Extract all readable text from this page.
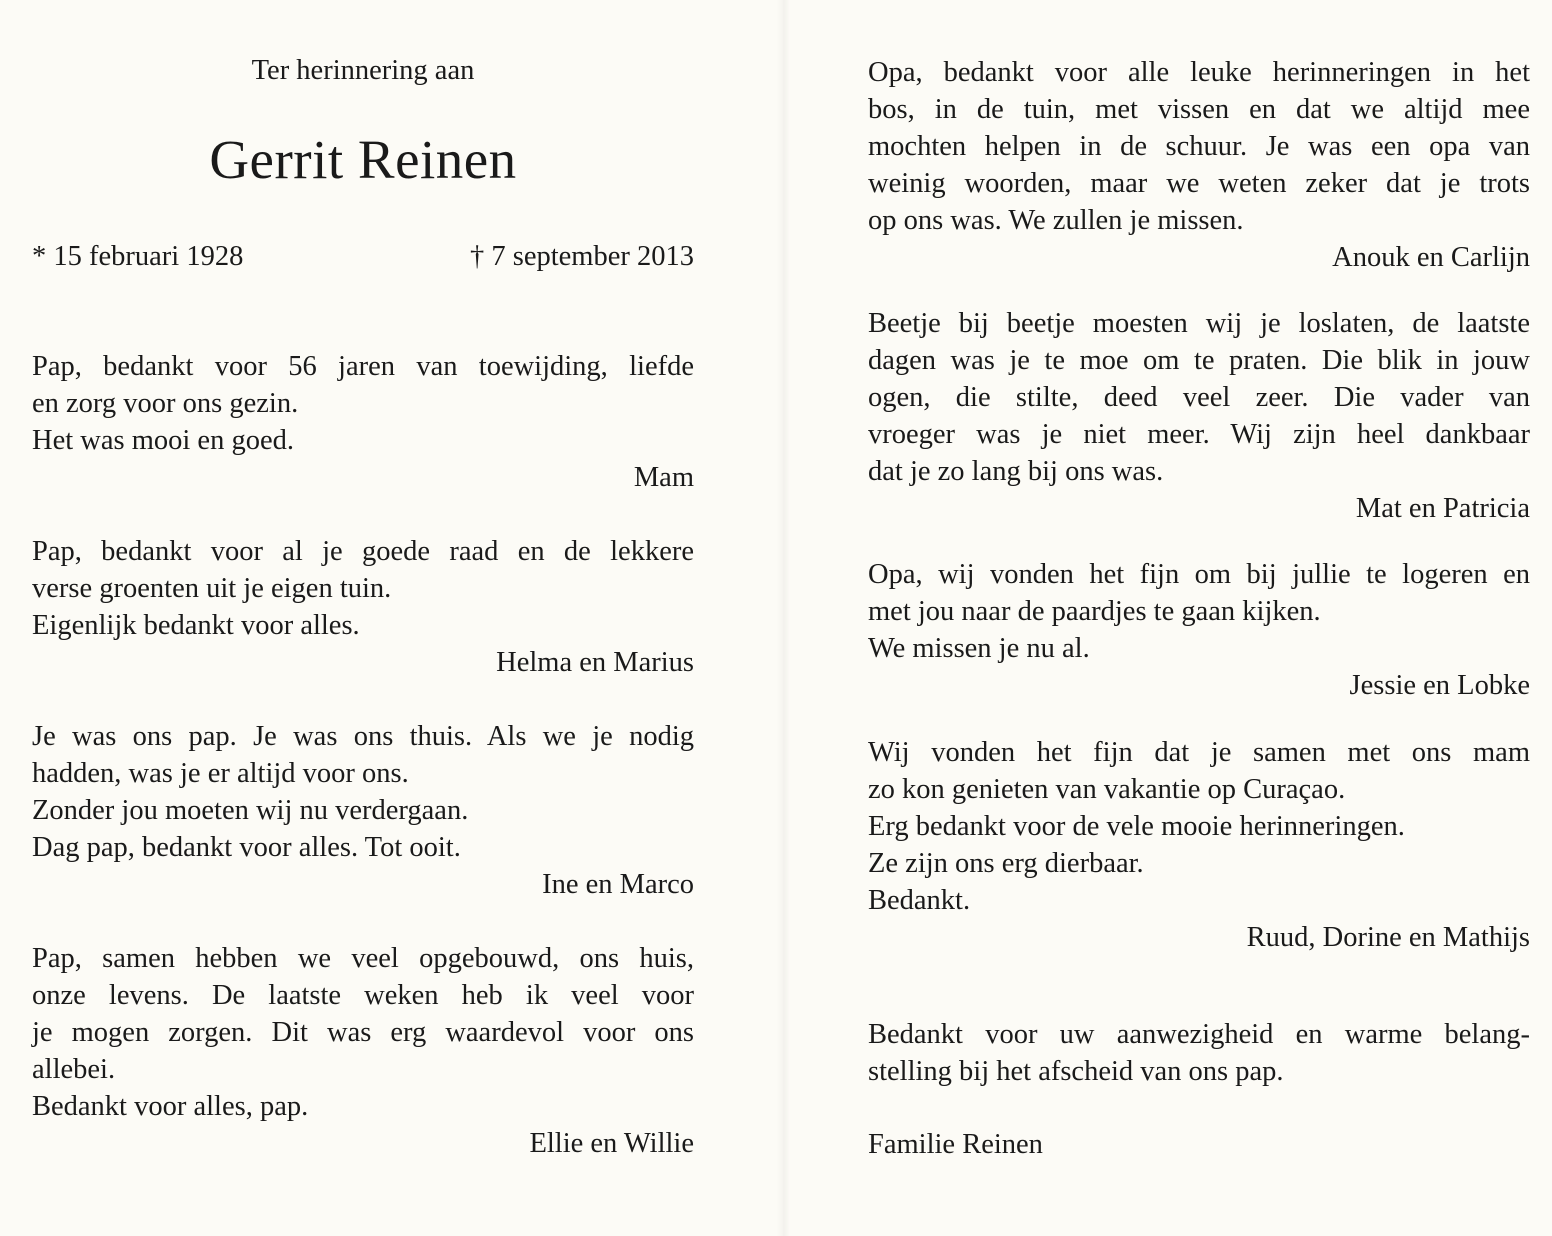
Ter herinnering aan
Gerrit Reinen
* 15 februari 1928	† 7 september 2013
Pap, bedankt voor 56 jaren van toewijding, liefde
en zorg voor ons gezin.
Het was mooi en goed.
Mam
Pap, bedankt voor al je goede raad en de lekkere
verse groenten uit je eigen tuin.
Eigenlijk bedankt voor alles.
Helma en Marius
Je was ons pap. Je was ons thuis. Als we je nodig
hadden, was je er altijd voor ons.
Zonder jou moeten wij nu verdergaan.
Dag pap, bedankt voor alles. Tot ooit.
Ine en Marco
Pap, samen hebben we veel opgebouwd, ons huis,
onze levens. De laatste weken heb ik veel voor
je mogen zorgen. Dit was erg waardevol voor ons
allebei.
Bedankt voor alles, pap.
Ellie en Willie
Opa, bedankt voor alle leuke herinneringen in het
bos, in de tuin, met vissen en dat we altijd mee
mochten helpen in de schuur. Je was een opa van
weinig woorden, maar we weten zeker dat je trots
op ons was. We zullen je missen.
Anouk en Carlijn
Beetje bij beetje moesten wij je loslaten, de laatste
dagen was je te moe om te praten. Die blik in jouw
ogen, die stilte, deed veel zeer. Die vader van
vroeger was je niet meer. Wij zijn heel dankbaar
dat je zo lang bij ons was.
Mat en Patricia
Opa, wij vonden het fijn om bij jullie te logeren en
met jou naar de paardjes te gaan kijken.
We missen je nu al.
Jessie en Lobke
Wij vonden het fijn dat je samen met ons mam
zo kon genieten van vakantie op Curaçao.
Erg bedankt voor de vele mooie herinneringen.
Ze zijn ons erg dierbaar.
Bedankt.
Ruud, Dorine en Mathijs
Bedankt voor uw aanwezigheid en warme belang-
stelling bij het afscheid van ons pap.
Familie Reinen
